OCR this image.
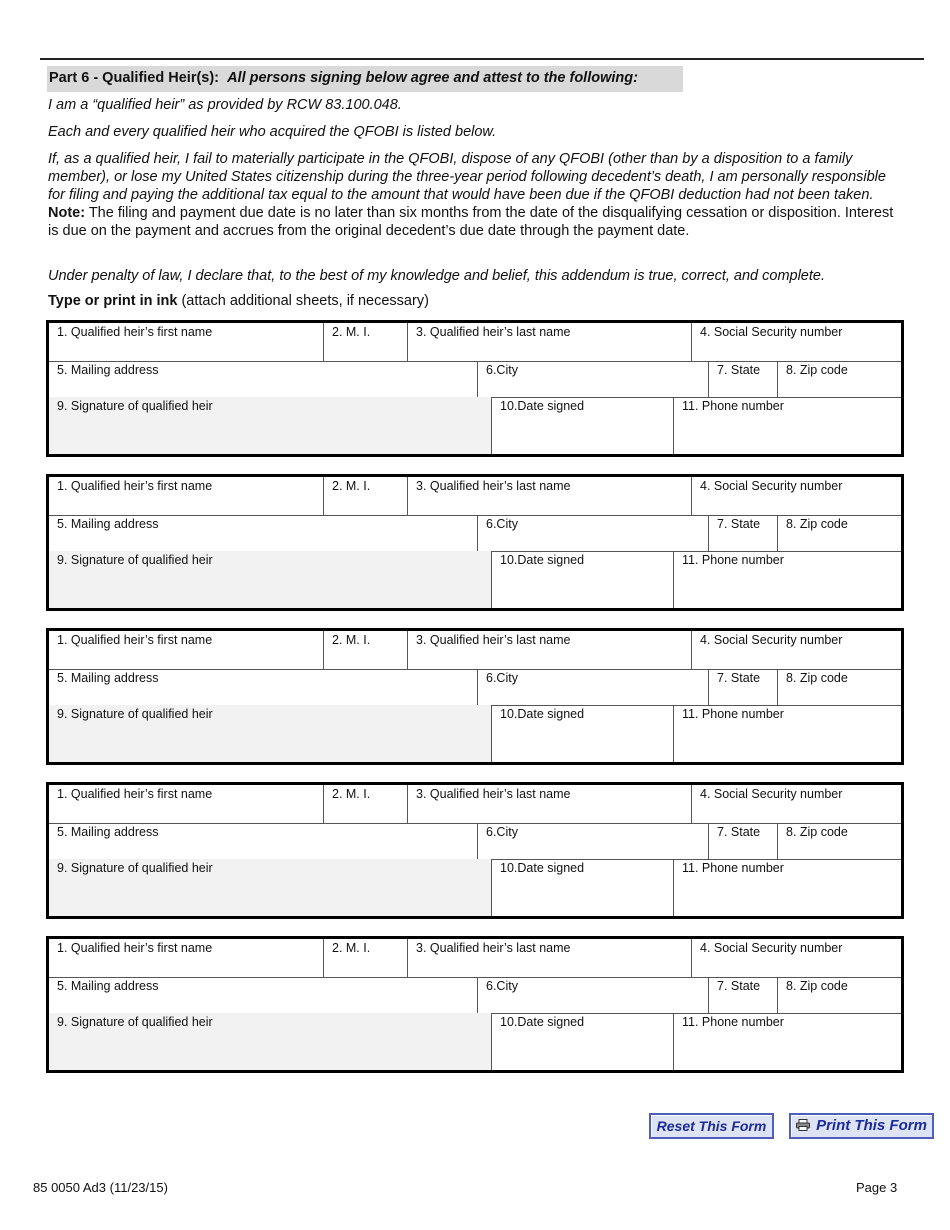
Part 6 - Qualified Heir(s): All persons signing below agree and attest to the following:
I am a “qualified heir” as provided by RCW 83.100.048.
Each and every qualified heir who acquired the QFOBI is listed below.
If, as a qualified heir, I fail to materially participate in the QFOBI, dispose of any QFOBI (other than by a disposition to a family member), or lose my United States citizenship during the three-year period following decedent’s death, I am personally responsible for filing and paying the additional tax equal to the amount that would have been due if the QFOBI deduction had not been taken. Note: The filing and payment due date is no later than six months from the date of the disqualifying cessation or disposition. Interest is due on the payment and accrues from the original decedent’s due date through the payment date.
Under penalty of law, I declare that, to the best of my knowledge and belief, this addendum is true, correct, and complete.
Type or print in ink (attach additional sheets, if necessary)
1. Qualified heir’s first name	2. M. I.	3. Qualified heir’s last name	4. Social Security number
5. Mailing address	6.City	7. State 8. Zip code
9. Signature of qualified heir	10.Date signed	11. Phone number
1. Qualified heir’s first name	2. M. I.	3. Qualified heir’s last name	4. Social Security number
5. Mailing address	6.City	7. State 8. Zip code
9. Signature of qualified heir	10.Date signed	11. Phone number
1. Qualified heir’s first name	2. M. I.	3. Qualified heir’s last name	4. Social Security number
5. Mailing address	6.City	7. State 8. Zip code
9. Signature of qualified heir	10.Date signed	11. Phone number
1. Qualified heir’s first name	2. M. I.	3. Qualified heir’s last name	4. Social Security number
5. Mailing address	6.City	7. State 8. Zip code
9. Signature of qualified heir	10.Date signed	11. Phone number
1. Qualified heir’s first name	2. M. I.	3. Qualified heir’s last name	4. Social Security number
5. Mailing address	6.City	7. State 8. Zip code
9. Signature of qualified heir	10.Date signed	11. Phone number
Reset This Form	Print This Form
85 0050 Ad3 (11/23/15)	Page 3
